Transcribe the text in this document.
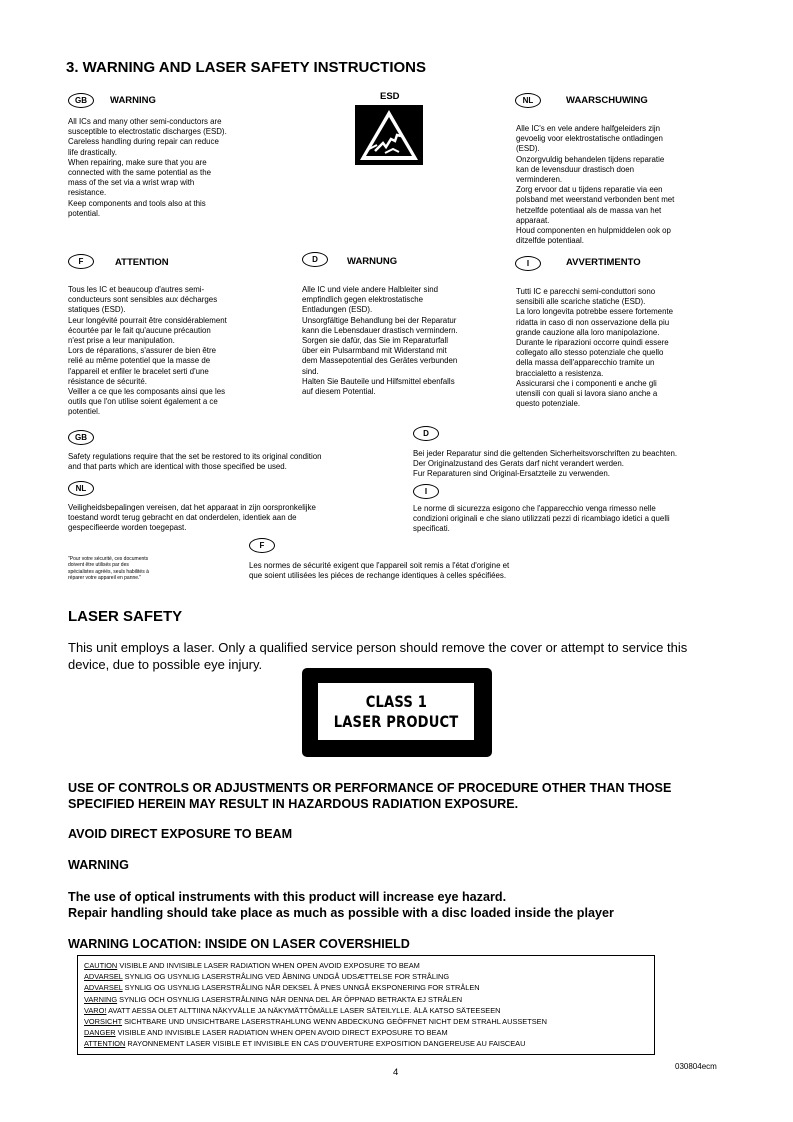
3. WARNING AND LASER SAFETY INSTRUCTIONS
GB	WARNING
All ICs and many other semi-conductors are
susceptible to electrostatic discharges (ESD).
Careless handling during repair can reduce
life drastically.
When repairing, make sure that you are
connected with the same potential as the
mass of the set via a wrist wrap with
resistance.
Keep components and tools also at this
potential.
ESD	NL	WAARSCHUWING
Alle IC's en vele andere halfgeleiders zijn
gevoelig voor elektrostatische ontladingen
(ESD).
Onzorgvuldig behandelen tijdens reparatie
kan de levensduur drastisch doen
verminderen.
Zorg ervoor dat u tijdens reparatie via een
polsband met weerstand verbonden bent met
hetzelfde potentiaal als de massa van het
apparaat.
Houd componenten en hulpmiddelen ook op
ditzelfde potentiaal.
F	ATTENTION
Tous les IC et beaucoup d'autres semi-
conducteurs sont sensibles aux décharges
statiques (ESD).
Leur longévité pourrait être considérablement
écourtée par le fait qu'aucune précaution
n'est prise a leur manipulation.
Lors de réparations, s'assurer de bien être
relié au même potentiel que la masse de
l'appareil et enfiler le bracelet serti d'une
résistance de sécurité.
Veiller a ce que les composants ainsi que les
outils que l'on utilise soient également a ce
potentiel.
D	WARNUNG
Alle IC und viele andere Halbleiter sind
empfindlich gegen elektrostatische
Entladungen (ESD).
Unsorgfältige Behandlung bei der Reparatur
kann die Lebensdauer drastisch vermindern.
Sorgen sie dafür, das Sie im Reparaturfall
über ein Pulsarmband mit Widerstand mit
dem Massepotential des Gerätes verbunden
sind.
Halten Sie Bauteile und Hilfsmittel ebenfalls
auf diesem Potential.
I	AVVERTIMENTO
Tutti IC e parecchi semi-conduttori sono
sensibili alle scariche statiche (ESD).
La loro longevita potrebbe essere fortemente
ridatta in caso di non osservazione della piu
grande cauzione alla loro manipolazione.
Durante le riparazioni occorre quindi essere
collegato allo stesso potenziale che quello
della massa dell'apparecchio tramite un
braccialetto a resistenza.
Assicurarsi che i componenti e anche gli
utensili con quali si lavora siano anche a
questo potenziale.
GB
Safety regulations require that the set be restored to its original condition
and that parts which are identical with those specified be used.
NL
Veiligheidsbepalingen vereisen, dat het apparaat in zijn oorspronkelijke
toestand wordt terug gebracht en dat onderdelen, identiek aan de
gespecifieerde worden toegepast.
D
Bei jeder Reparatur sind die geltenden Sicherheitsvorschriften zu beachten.
Der Originalzustand des Gerats darf nicht verandert werden.
Fur Reparaturen sind Original-Ersatzteile zu verwenden.
I
Le norme di sicurezza esigono che l'apparecchio venga rimesso nelle
condizioni originali e che siano utilizzati pezzi di ricambiago idetici a quelli
specificati.
F
Les normes de sécurité exigent que l'appareil soit remis a l'état d'origine et
que soient utilisées les piéces de rechange identiques à celles spécifiées.
"Pour votre sécurité, ces documents
doivent être utilisés par des
spécialistes agréés, seuls habilités à
réparer votre appareil en panne."
LASER SAFETY
This unit employs a laser. Only a qualified service person should remove the cover or attempt to service this
device, due to possible eye injury.
CLASS 1
LASER PRODUCT
USE OF CONTROLS OR ADJUSTMENTS OR PERFORMANCE OF PROCEDURE OTHER THAN THOSE
SPECIFIED HEREIN MAY RESULT IN HAZARDOUS RADIATION EXPOSURE.
AVOID DIRECT EXPOSURE TO BEAM
WARNING
The use of optical instruments with this product will increase eye hazard.
Repair handling should take place as much as possible with a disc loaded inside the player
WARNING LOCATION: INSIDE ON LASER COVERSHIELD
CAUTION VISIBLE AND INVISIBLE LASER RADIATION WHEN OPEN AVOID EXPOSURE TO BEAM
ADVARSEL SYNLIG OG USYNLIG LASERSTRÅLING VED ÅBNING UNDGÅ UDSÆTTELSE FOR STRÅLING
ADVARSEL SYNLIG OG USYNLIG LASERSTRÅLING NÅR DEKSEL Å PNES UNNGÅ EKSPONERING FOR STRÅLEN
VARNING SYNLIG OCH OSYNLIG LASERSTRÅLNING NÄR DENNA DEL ÄR ÖPPNAD BETRAKTA EJ STRÅLEN
VARO! AVATT AESSA OLET ALTTIINA NÄKYVÄLLE JA NÄKYMÄTTÖMÄLLE LASER SÄTEILYLLE. ÄLÄ KATSO SÄTEESEEN
VORSICHT SICHTBARE UND UNSICHTBARE LASERSTRAHLUNG WENN ABDECKUNG GEÖFFNET NICHT DEM STRAHL AUSSETSEN
DANGER VISIBLE AND INVISIBLE LASER RADIATION WHEN OPEN AVOID DIRECT EXPOSURE TO BEAM
ATTENTION RAYONNEMENT LASER VISIBLE ET INVISIBLE EN CAS D'OUVERTURE EXPOSITION DANGEREUSE AU FAISCEAU
4
030804ecm
